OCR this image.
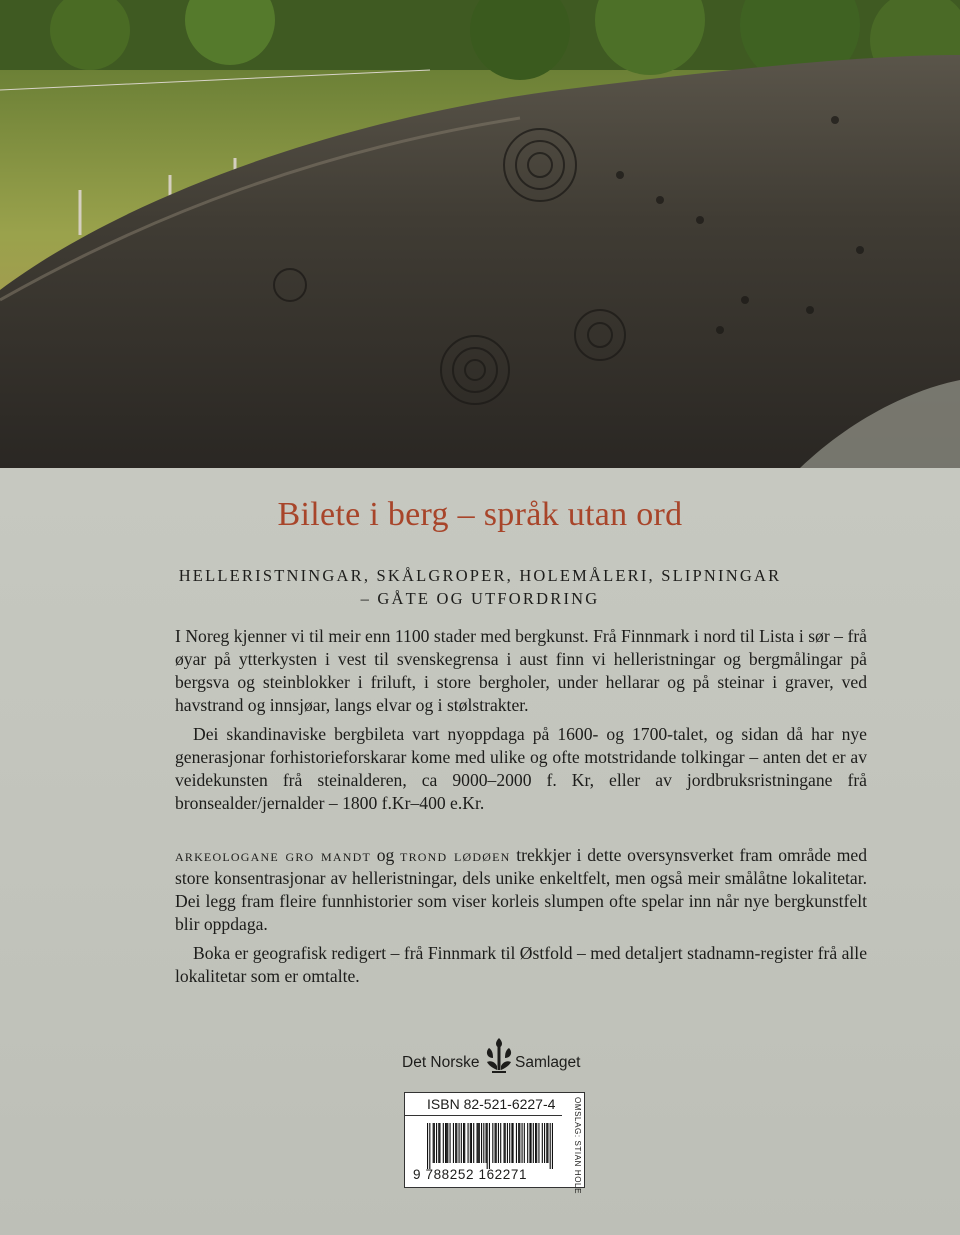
Bilete i berg – språk utan ord
HELLERISTNINGAR, SKÅLGROPER, HOLEMÅLERI, SLIPNINGAR
– GÅTE OG UTFORDRING
I Noreg kjenner vi til meir enn 1100 stader med bergkunst. Frå Finnmark i nord til Lista i sør – frå øyar på ytterkysten i vest til svenskegrensa i aust finn vi helleristningar og bergmålingar på bergsva og steinblokker i friluft, i store bergholer, under hellarar og på steinar i graver, ved havstrand og innsjøar, langs elvar og i stølstrakter.
Dei skandinaviske bergbileta vart nyoppdaga på 1600- og 1700-talet, og sidan då har nye generasjonar forhistorieforskarar kome med ulike og ofte motstridande tolkingar – anten det er av veidekunsten frå steinalderen, ca 9000–2000 f. Kr, eller av jordbruksristningane frå bronsealder/jernalder – 1800 f.Kr–400 e.Kr.
arkeologane gro mandt og trond lødøen trekkjer i dette oversynsverket fram område med store konsentrasjonar av helleristningar, dels unike enkeltfelt, men også meir smålåtne lokalitetar. Dei legg fram fleire funnhistorier som viser korleis slumpen ofte spelar inn når nye bergkunstfelt blir oppdaga.
Boka er geografisk redigert – frå Finnmark til Østfold – med detaljert stadnamn-register frå alle lokalitetar som er omtalte.
Det Norske Samlaget
ISBN 82-521-6227-4
9 788252 162271	OMSLAG: STIAN HOLE
